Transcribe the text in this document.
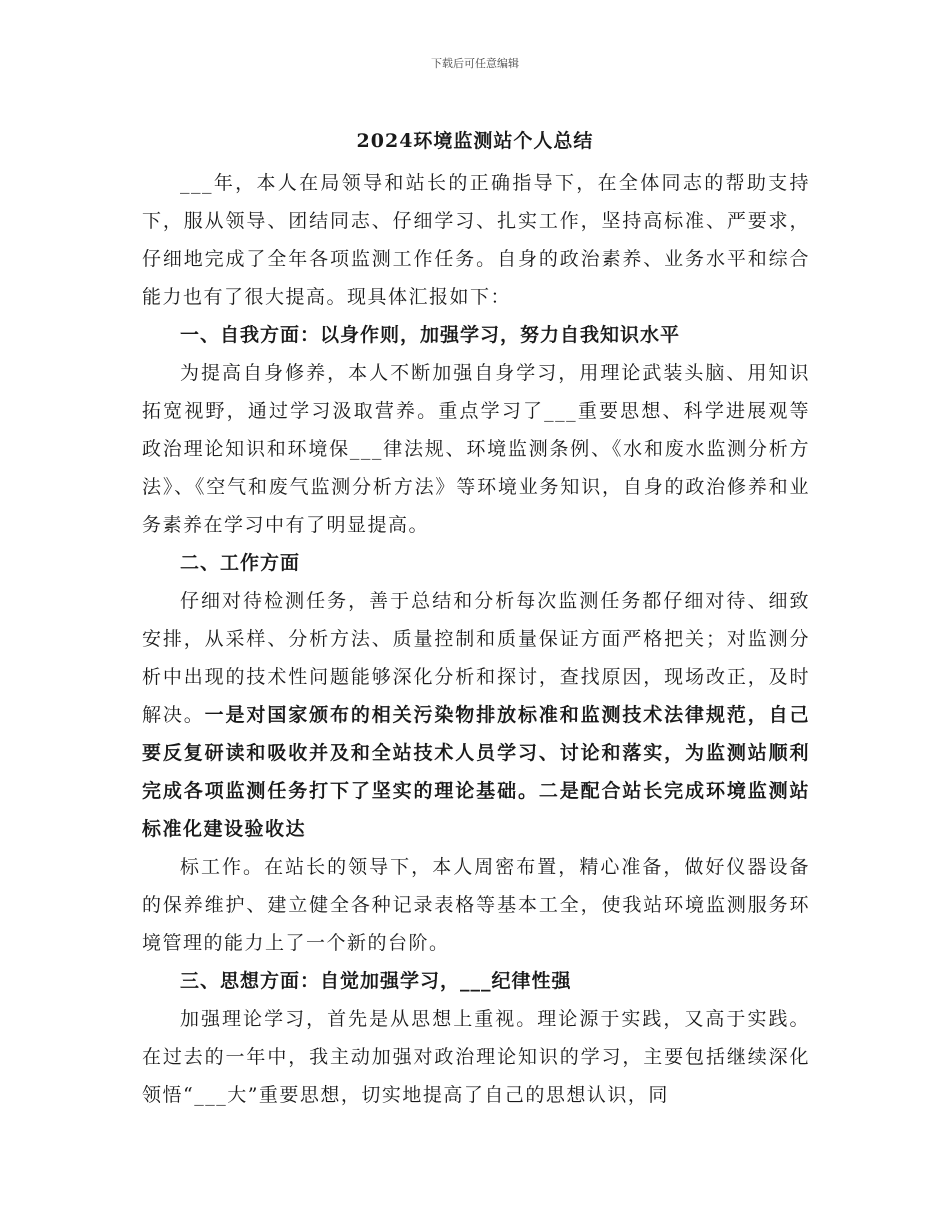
下载后可任意编辑
2024环境监测站个人总结

___年，本人在局领导和站长的正确指导下，在全体同志的帮助支持下，服从领导、团结同志、仔细学习、扎实工作，坚持高标准、严要求，仔细地完成了全年各项监测工作任务。自身的政治素养、业务水平和综合能力也有了很大提高。现具体汇报如下：

一、自我方面：以身作则，加强学习，努力自我知识水平

为提高自身修养，本人不断加强自身学习，用理论武装头脑、用知识拓宽视野，通过学习汲取营养。重点学习了___重要思想、科学进展观等政治理论知识和环境保___律法规、环境监测条例、《水和废水监测分析方法》、《空气和废气监测分析方法》等环境业务知识，自身的政治修养和业务素养在学习中有了明显提高。

二、工作方面

仔细对待检测任务，善于总结和分析每次监测任务都仔细对待、细致安排，从采样、分析方法、质量控制和质量保证方面严格把关；对监测分析中出现的技术性问题能够深化分析和探讨，查找原因，现场改正，及时解决。一是对国家颁布的相关污染物排放标准和监测技术法律规范，自己要反复研读和吸收并及和全站技术人员学习、讨论和落实，为监测站顺利完成各项监测任务打下了坚实的理论基础。二是配合站长完成环境监测站标准化建设验收达

标工作。在站长的领导下，本人周密布置，精心准备，做好仪器设备的保养维护、建立健全各种记录表格等基本工全，使我站环境监测服务环境管理的能力上了一个新的台阶。

三、思想方面：自觉加强学习，___纪律性强

加强理论学习，首先是从思想上重视。理论源于实践，又高于实践。在过去的一年中，我主动加强对政治理论知识的学习，主要包括继续深化领悟“___大”重要思想，切实地提高了自己的思想认识，同
